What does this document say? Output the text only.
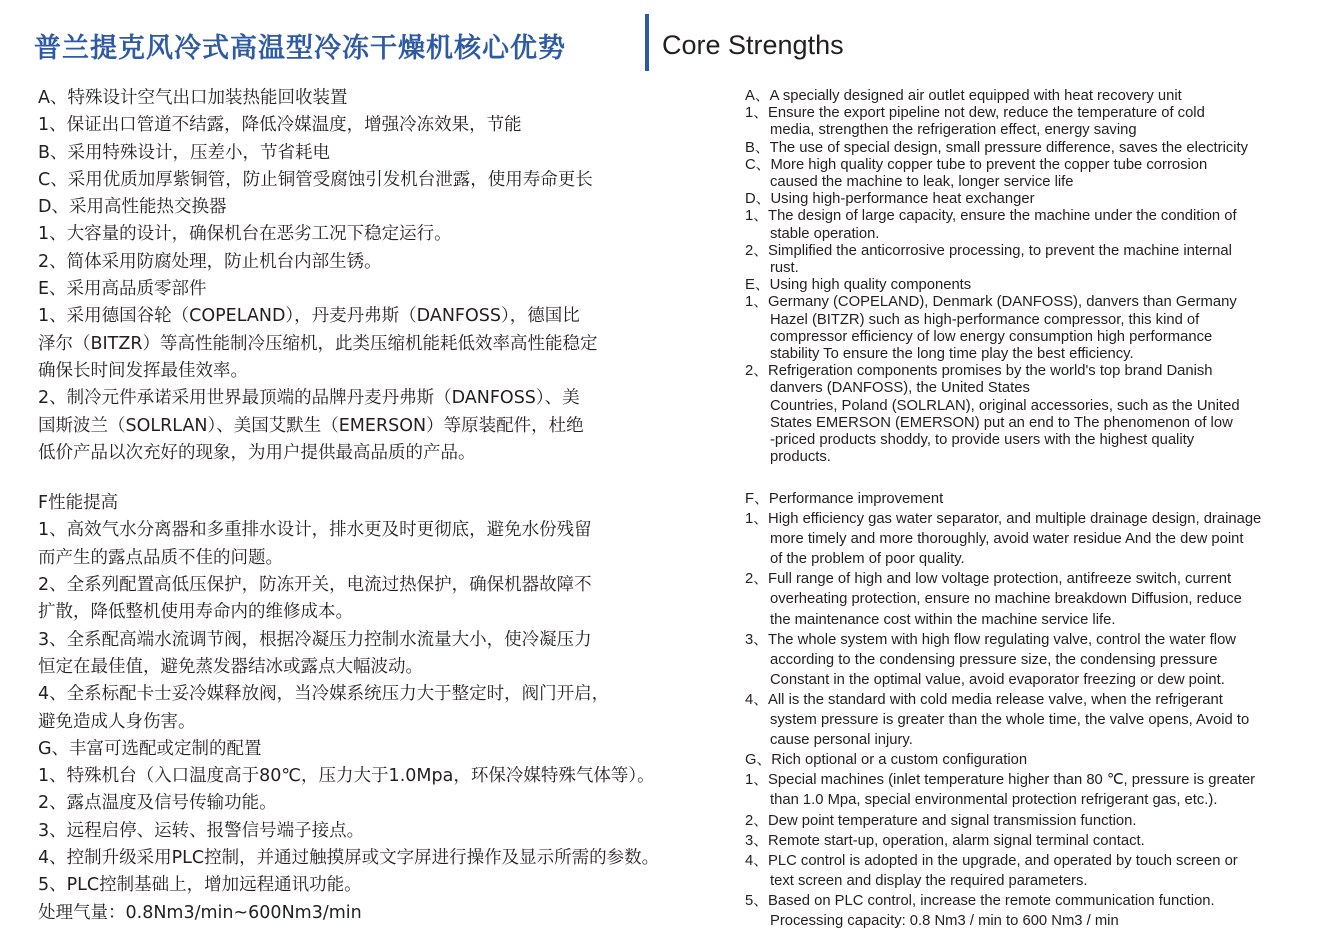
普兰提克风冷式高温型冷冻干燥机核心优势	Core Strengths
A、特殊设计空气出口加装热能回收装置
1、保证出口管道不结露，降低冷媒温度，增强冷冻效果，节能
B、采用特殊设计，压差小，节省耗电
C、采用优质加厚紫铜管，防止铜管受腐蚀引发机台泄露，使用寿命更长
D、采用高性能热交换器
1、大容量的设计，确保机台在恶劣工况下稳定运行。
2、简体采用防腐处理，防止机台内部生锈。
E、采用高品质零部件
1、采用德国谷轮（COPELAND），丹麦丹弗斯（DANFOSS），德国比
泽尔（BITZR）等高性能制冷压缩机，此类压缩机能耗低效率高性能稳定
确保长时间发挥最佳效率。
2、制冷元件承诺采用世界最顶端的品牌丹麦丹弗斯（DANFOSS）、美
国斯波兰（SOLRLAN）、美国艾默生（EMERSON）等原装配件，杜绝
低价产品以次充好的现象，为用户提供最高品质的产品。
F性能提高
1、高效气水分离器和多重排水设计，排水更及时更彻底，避免水份残留
而产生的露点品质不佳的问题。
2、全系列配置高低压保护，防冻开关，电流过热保护，确保机器故障不
扩散，降低整机使用寿命内的维修成本。
3、全系配高端水流调节阀，根据冷凝压力控制水流量大小，使冷凝压力
恒定在最佳值，避免蒸发器结冰或露点大幅波动。
4、全系标配卡士妥冷媒释放阀，当冷媒系统压力大于整定时，阀门开启，
避免造成人身伤害。
G、丰富可选配或定制的配置
1、特殊机台（入口温度高于80℃，压力大于1.0Mpa，环保冷媒特殊气体等）。
2、露点温度及信号传输功能。
3、远程启停、运转、报警信号端子接点。
4、控制升级采用PLC控制，并通过触摸屏或文字屏进行操作及显示所需的参数。
5、PLC控制基础上，增加远程通讯功能。
处理气量：0.8Nm3/min~600Nm3/min
A、A specially designed air outlet equipped with heat recovery unit
1、Ensure the export pipeline not dew, reduce the temperature of cold
media, strengthen the refrigeration effect, energy saving
B、The use of special design, small pressure difference, saves the electricity
C、More high quality copper tube to prevent the copper tube corrosion
caused the machine to leak, longer service life
D、Using high-performance heat exchanger
1、The design of large capacity, ensure the machine under the condition of
stable operation.
2、Simplified the anticorrosive processing, to prevent the machine internal
rust.
E、Using high quality components
1、Germany (COPELAND), Denmark (DANFOSS), danvers than Germany
Hazel (BITZR) such as high-performance compressor, this kind of
compressor efficiency of low energy consumption high performance
stability To ensure the long time play the best efficiency.
2、Refrigeration components promises by the world's top brand Danish
danvers (DANFOSS), the United States
Countries, Poland (SOLRLAN), original accessories, such as the United
States EMERSON (EMERSON) put an end to The phenomenon of low
-priced products shoddy, to provide users with the highest quality
products.
F、Performance improvement
1、High efficiency gas water separator, and multiple drainage design, drainage
more timely and more thoroughly, avoid water residue And the dew point
of the problem of poor quality.
2、Full range of high and low voltage protection, antifreeze switch, current
overheating protection, ensure no machine breakdown Diffusion, reduce
the maintenance cost within the machine service life.
3、The whole system with high flow regulating valve, control the water flow
according to the condensing pressure size, the condensing pressure
Constant in the optimal value, avoid evaporator freezing or dew point.
4、All is the standard with cold media release valve, when the refrigerant
system pressure is greater than the whole time, the valve opens, Avoid to
cause personal injury.
G、Rich optional or a custom configuration
1、Special machines (inlet temperature higher than 80 ℃, pressure is greater
than 1.0 Mpa, special environmental protection refrigerant gas, etc.).
2、Dew point temperature and signal transmission function.
3、Remote start-up, operation, alarm signal terminal contact.
4、PLC control is adopted in the upgrade, and operated by touch screen or
text screen and display the required parameters.
5、Based on PLC control, increase the remote communication function.
Processing capacity: 0.8 Nm3 / min to 600 Nm3 / min
